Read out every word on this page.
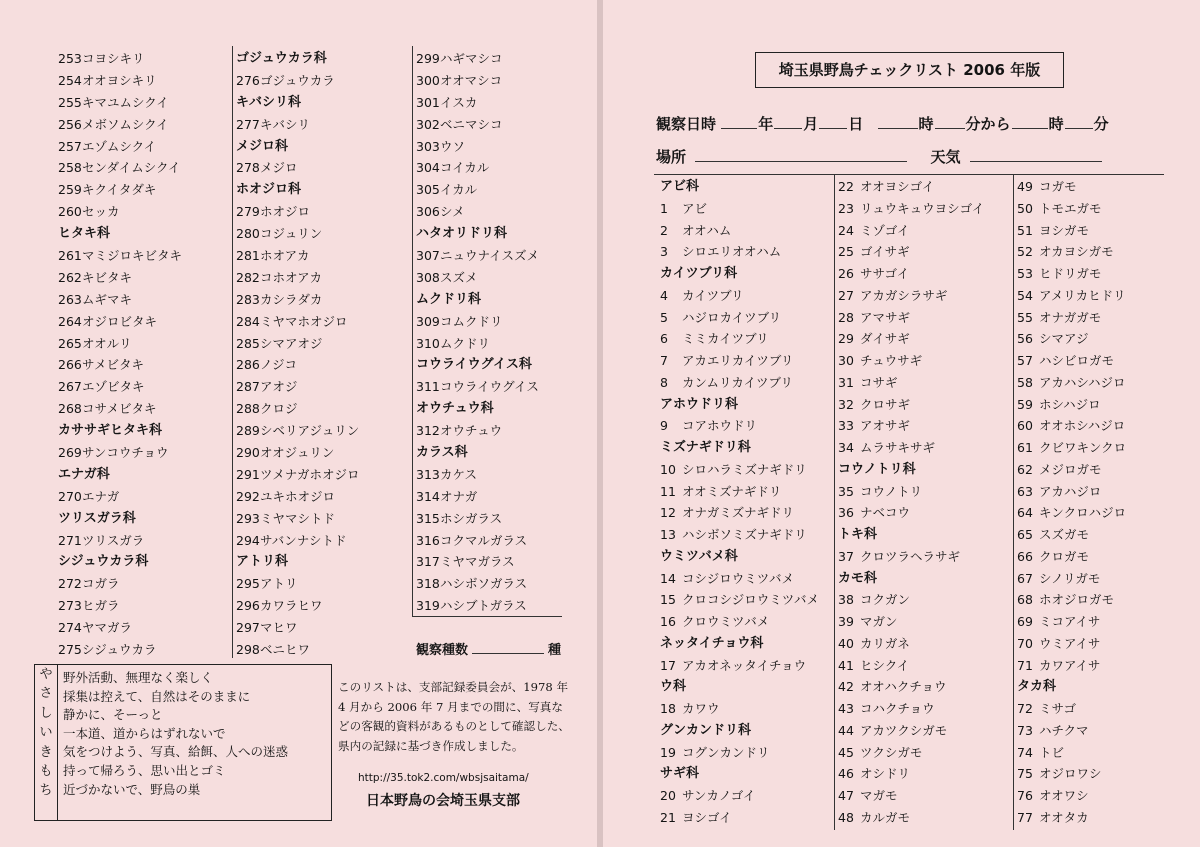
253コヨシキリ
254オオヨシキリ
255キマユムシクイ
256メボソムシクイ
257エゾムシクイ
258センダイムシクイ
259キクイタダキ
260セッカ
ヒタキ科
261マミジロキビタキ
262キビタキ
263ムギマキ
264オジロビタキ
265オオルリ
266サメビタキ
267エゾビタキ
268コサメビタキ
カササギヒタキ科
269サンコウチョウ
エナガ科
270エナガ
ツリスガラ科
271ツリスガラ
シジュウカラ科
272コガラ
273ヒガラ
274ヤマガラ
275シジュウカラ
ゴジュウカラ科
276ゴジュウカラ
キバシリ科
277キバシリ
メジロ科
278メジロ
ホオジロ科
279ホオジロ
280コジュリン
281ホオアカ
282コホオアカ
283カシラダカ
284ミヤマホオジロ
285シマアオジ
286ノジコ
287アオジ
288クロジ
289シベリアジュリン
290オオジュリン
291ツメナガホオジロ
292ユキホオジロ
293ミヤマシトド
294サバンナシトド
アトリ科
295アトリ
296カワラヒワ
297マヒワ
298ベニヒワ
299ハギマシコ
300オオマシコ
301イスカ
302ベニマシコ
303ウソ
304コイカル
305イカル
306シメ
ハタオリドリ科
307ニュウナイスズメ
308スズメ
ムクドリ科
309コムクドリ
310ムクドリ
コウライウグイス科
311コウライウグイス
オウチュウ科
312オウチュウ
カラス科
313カケス
314オナガ
315ホシガラス
316コクマルガラス
317ミヤマガラス
318ハシボソガラス
319ハシブトガラス
観察種数	種
や
さ
し
い
き
も
ち
野外活動、無理なく楽しく
採集は控えて、自然はそのままに
静かに、そーっと
一本道、道からはずれないで
気をつけよう、写真、給餌、人への迷惑
持って帰ろう、思い出とゴミ
近づかないで、野鳥の巣
このリストは、支部記録委員会が、1978 年 4 月から 2006 年 7 月までの間に、写真などの客観的資料があるものとして確認した、県内の記録に基づき作成しました。
http://35.tok2.com/wbsjsaitama/
日本野鳥の会埼玉県支部
埼玉県野鳥チェックリスト 2006 年版
観察日時	年 月 日	時 分から	時 分
場所	天気
アビ科
1 アビ
2 オオハム
3 シロエリオオハム
カイツブリ科
4 カイツブリ
5 ハジロカイツブリ
6 ミミカイツブリ
7 アカエリカイツブリ
8 カンムリカイツブリ
アホウドリ科
9 コアホウドリ
ミズナギドリ科
10 シロハラミズナギドリ
11 オオミズナギドリ
12 オナガミズナギドリ
13 ハシボソミズナギドリ
ウミツバメ科
14 コシジロウミツバメ
15 クロコシジロウミツバメ
16 クロウミツバメ
ネッタイチョウ科
17 アカオネッタイチョウ
ウ科
18 カワウ
グンカンドリ科
19 コグンカンドリ
サギ科
20 サンカノゴイ
21 ヨシゴイ
22 オオヨシゴイ
23 リュウキュウヨシゴイ
24 ミゾゴイ
25 ゴイサギ
26 ササゴイ
27 アカガシラサギ
28 アマサギ
29 ダイサギ
30 チュウサギ
31 コサギ
32 クロサギ
33 アオサギ
34 ムラサキサギ
コウノトリ科
35 コウノトリ
36 ナベコウ
トキ科
37 クロツラヘラサギ
カモ科
38 コクガン
39 マガン
40 カリガネ
41 ヒシクイ
42 オオハクチョウ
43 コハクチョウ
44 アカツクシガモ
45 ツクシガモ
46 オシドリ
47 マガモ
48 カルガモ
49 コガモ
50 トモエガモ
51 ヨシガモ
52 オカヨシガモ
53 ヒドリガモ
54 アメリカヒドリ
55 オナガガモ
56 シマアジ
57 ハシビロガモ
58 アカハシハジロ
59 ホシハジロ
60 オオホシハジロ
61 クビワキンクロ
62 メジロガモ
63 アカハジロ
64 キンクロハジロ
65 スズガモ
66 クロガモ
67 シノリガモ
68 ホオジロガモ
69 ミコアイサ
70 ウミアイサ
71 カワアイサ
タカ科
72 ミサゴ
73 ハチクマ
74 トビ
75 オジロワシ
76 オオワシ
77 オオタカ
